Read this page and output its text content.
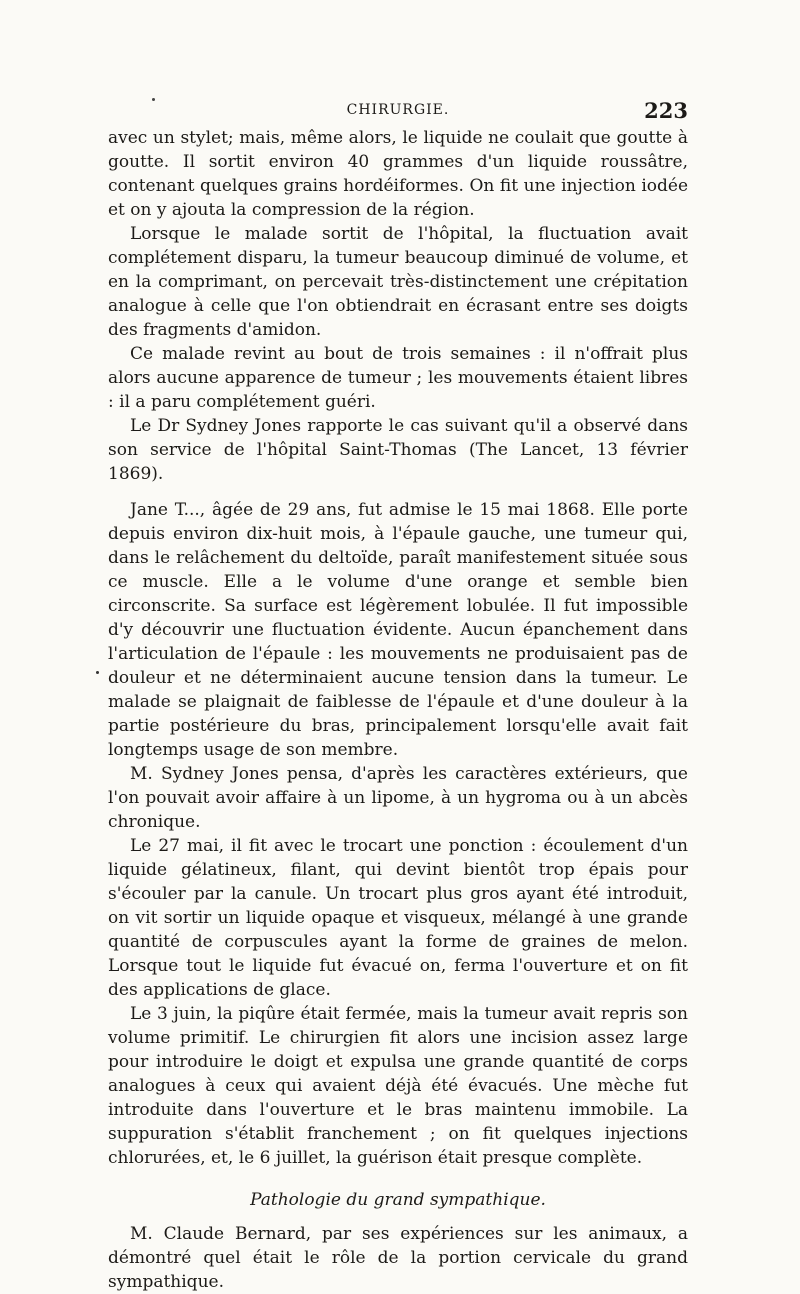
CHIRURGIE.	223

avec un stylet; mais, même alors, le liquide ne coulait que goutte à goutte. Il sortit environ 40 grammes d'un liquide roussâtre, contenant quelques grains hordéiformes. On fit une injection iodée et on y ajouta la compression de la région.

Lorsque le malade sortit de l'hôpital, la fluctuation avait complétement disparu, la tumeur beaucoup diminué de volume, et en la comprimant, on percevait très-distinctement une crépitation analogue à celle que l'on obtiendrait en écrasant entre ses doigts des fragments d'amidon.

Ce malade revint au bout de trois semaines : il n'offrait plus alors aucune apparence de tumeur ; les mouvements étaient libres : il a paru complétement guéri.

Le Dr Sydney Jones rapporte le cas suivant qu'il a observé dans son service de l'hôpital Saint-Thomas (The Lancet, 13 février 1869).

Jane T..., âgée de 29 ans, fut admise le 15 mai 1868. Elle porte depuis environ dix-huit mois, à l'épaule gauche, une tumeur qui, dans le relâchement du deltoïde, paraît manifestement située sous ce muscle. Elle a le volume d'une orange et semble bien circonscrite. Sa surface est légèrement lobulée. Il fut impossible d'y découvrir une fluctuation évidente. Aucun épanchement dans l'articulation de l'épaule : les mouvements ne produisaient pas de douleur et ne déterminaient aucune tension dans la tumeur. Le malade se plaignait de faiblesse de l'épaule et d'une douleur à la partie postérieure du bras, principalement lorsqu'elle avait fait longtemps usage de son membre.

M. Sydney Jones pensa, d'après les caractères extérieurs, que l'on pouvait avoir affaire à un lipome, à un hygroma ou à un abcès chronique.

Le 27 mai, il fit avec le trocart une ponction : écoulement d'un liquide gélatineux, filant, qui devint bientôt trop épais pour s'écouler par la canule. Un trocart plus gros ayant été introduit, on vit sortir un liquide opaque et visqueux, mélangé à une grande quantité de corpuscules ayant la forme de graines de melon. Lorsque tout le liquide fut évacué on, ferma l'ouverture et on fit des applications de glace.

Le 3 juin, la piqûre était fermée, mais la tumeur avait repris son volume primitif. Le chirurgien fit alors une incision assez large pour introduire le doigt et expulsa une grande quantité de corps analogues à ceux qui avaient déjà été évacués. Une mèche fut introduite dans l'ouverture et le bras maintenu immobile. La suppuration s'établit franchement ; on fit quelques injections chlorurées, et, le 6 juillet, la guérison était presque complète.

Pathologie du grand sympathique.

M. Claude Bernard, par ses expériences sur les animaux, a démontré quel était le rôle de la portion cervicale du grand sympathique.
